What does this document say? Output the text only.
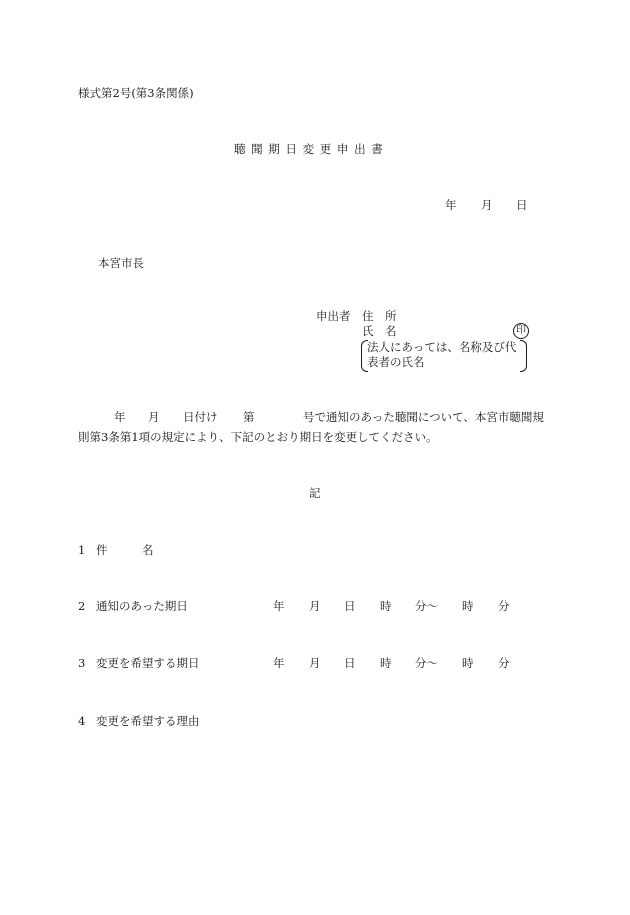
様式第2号(第3条関係)
聴 聞 期 日 変 更 申 出 書
年 月 日
本宮市長
申出者 住　所
氏　名	印
法人にあっては、名称及び代
表者の氏名
年 月 日付け 第	号で通知のあった聴聞について、本宮市聴聞規
則第3条第1項の規定により、下記のとおり期日を変更してください。
記
1 件　　　名
2 通知のあった期日	年 月 日 時 分～ 時 分
3 変更を希望する期日	年 月 日 時 分～ 時 分
4 変更を希望する理由
